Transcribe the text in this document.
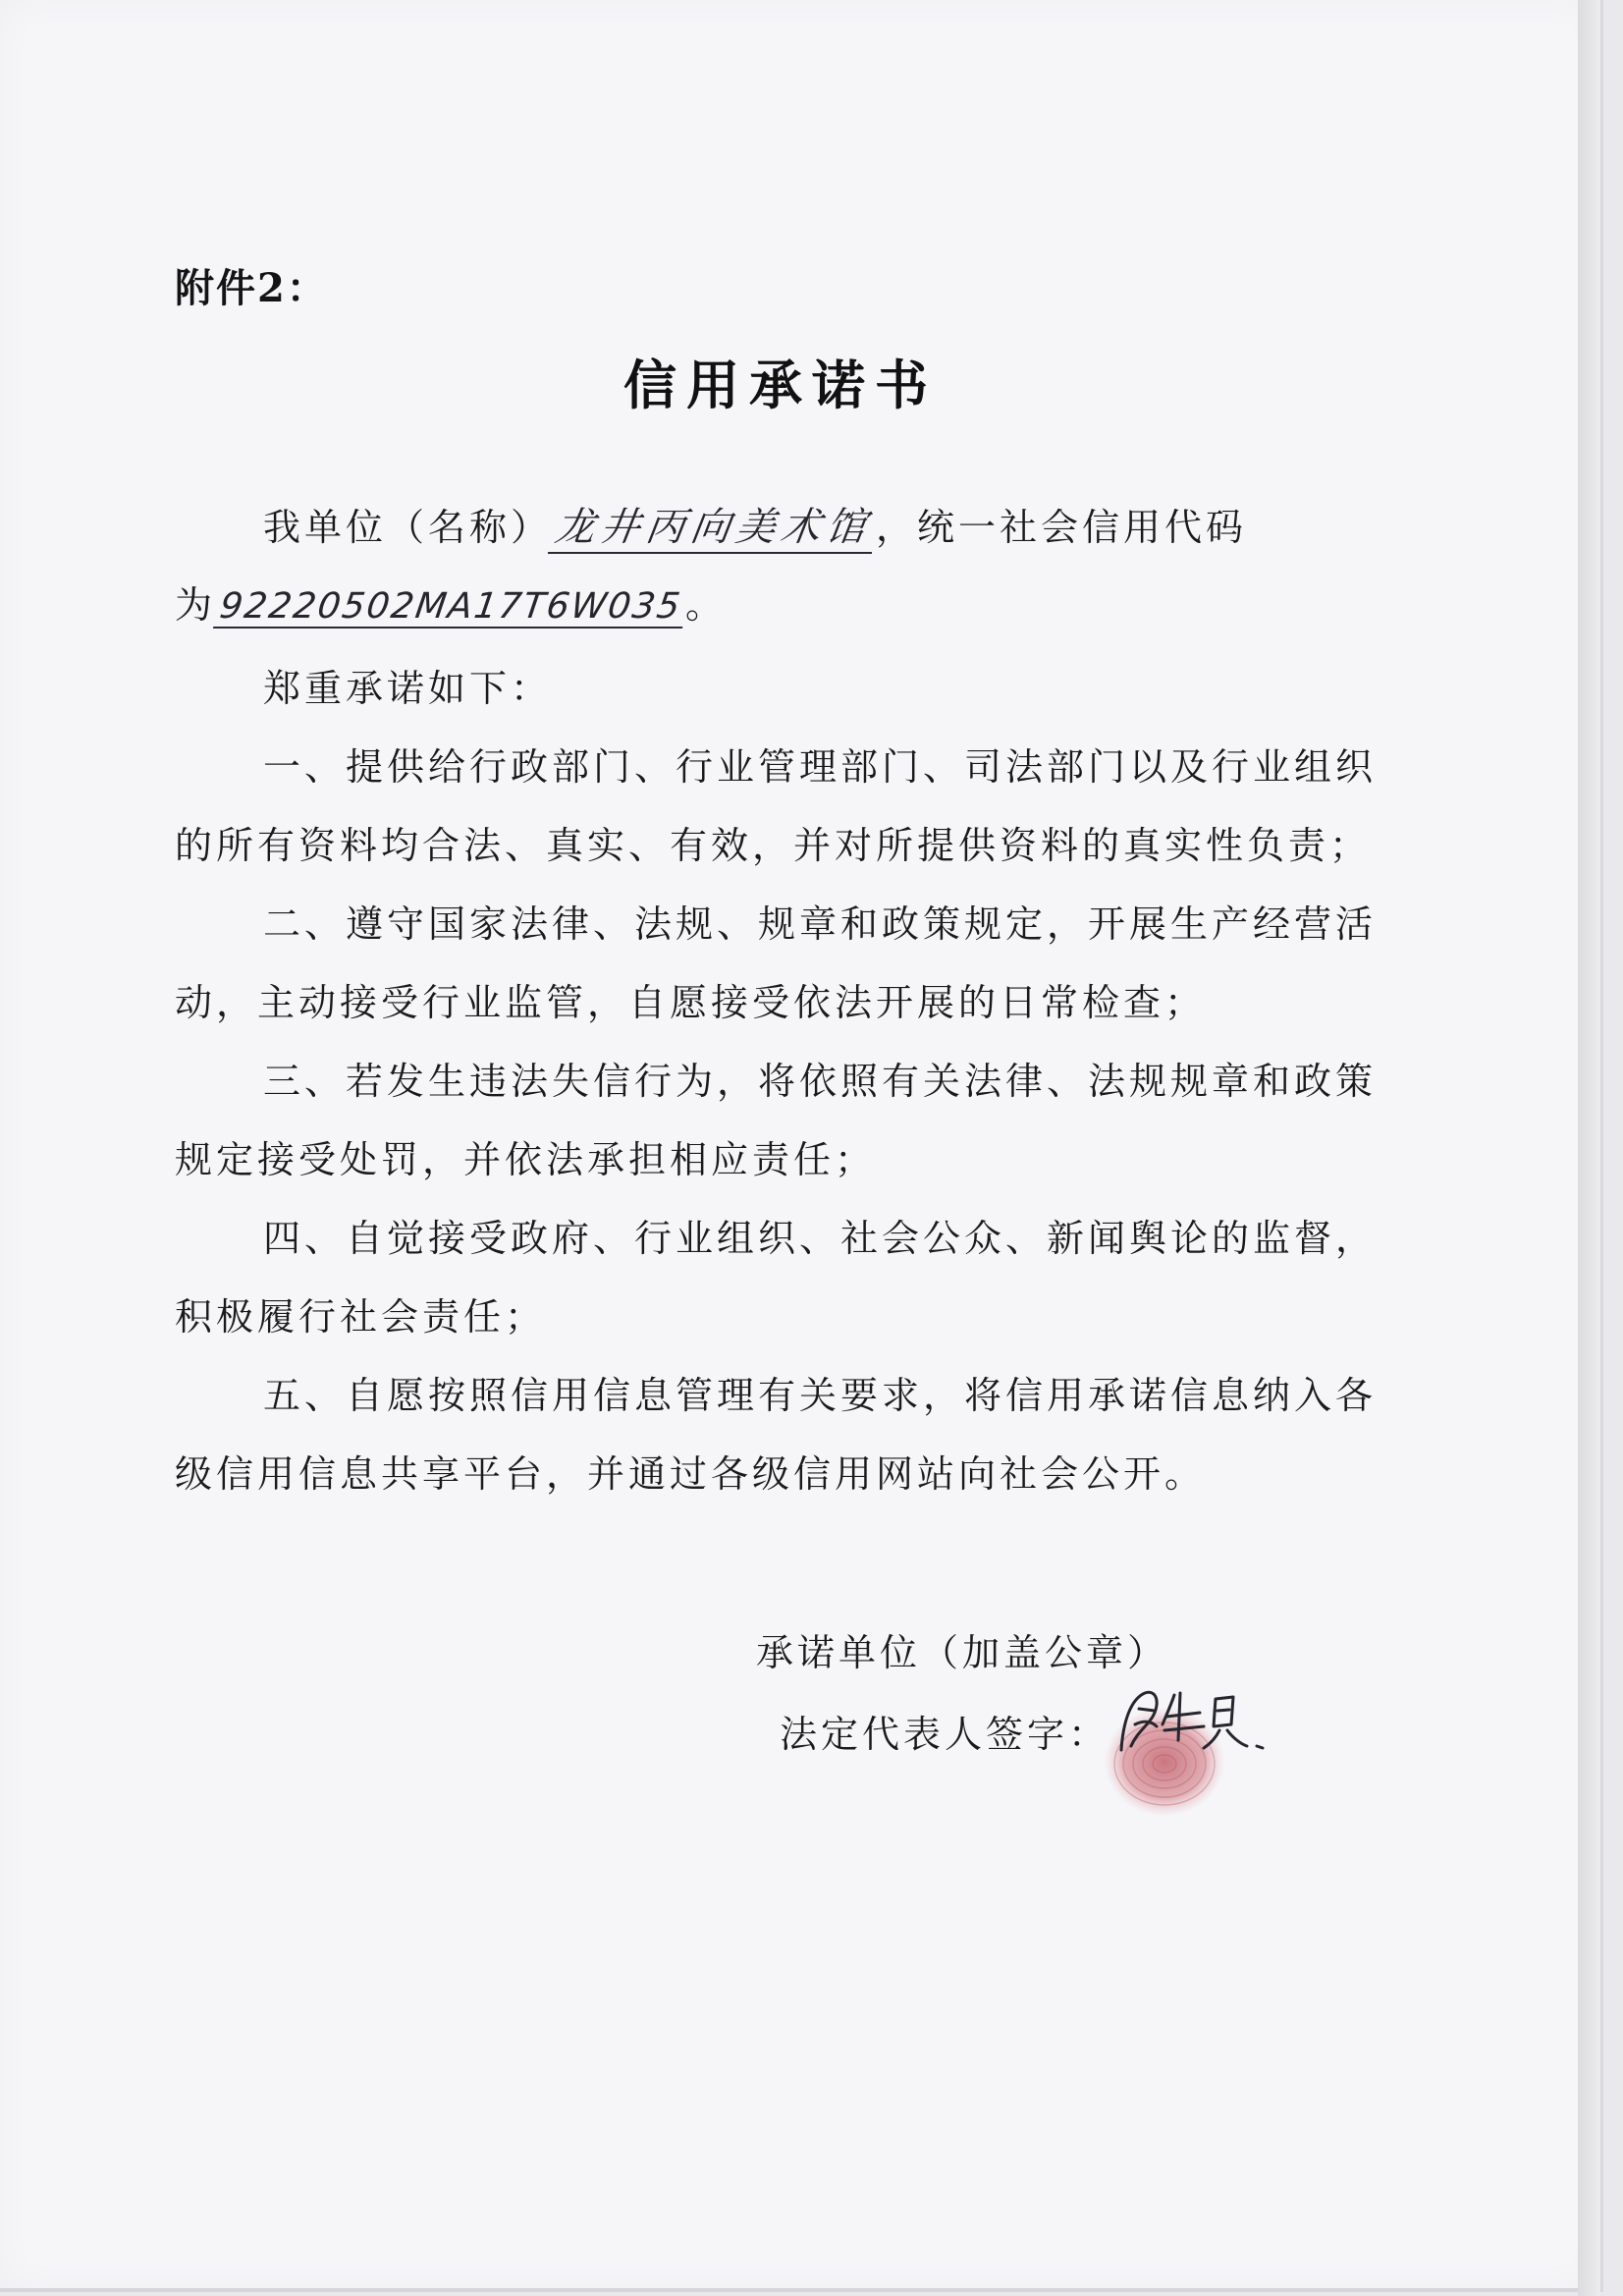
附件2：
信用承诺书
我单位（名称）龙井丙向美术馆，统一社会信用代码
为92220502MA17T6W035。
郑重承诺如下：
一、提供给行政部门、行业管理部门、司法部门以及行业组织
的所有资料均合法、真实、有效，并对所提供资料的真实性负责；
二、遵守国家法律、法规、规章和政策规定，开展生产经营活
动，主动接受行业监管，自愿接受依法开展的日常检查；
三、若发生违法失信行为，将依照有关法律、法规规章和政策
规定接受处罚，并依法承担相应责任；
四、自觉接受政府、行业组织、社会公众、新闻舆论的监督，
积极履行社会责任；
五、自愿按照信用信息管理有关要求，将信用承诺信息纳入各
级信用信息共享平台，并通过各级信用网站向社会公开。
承诺单位（加盖公章）
法定代表人签字：
